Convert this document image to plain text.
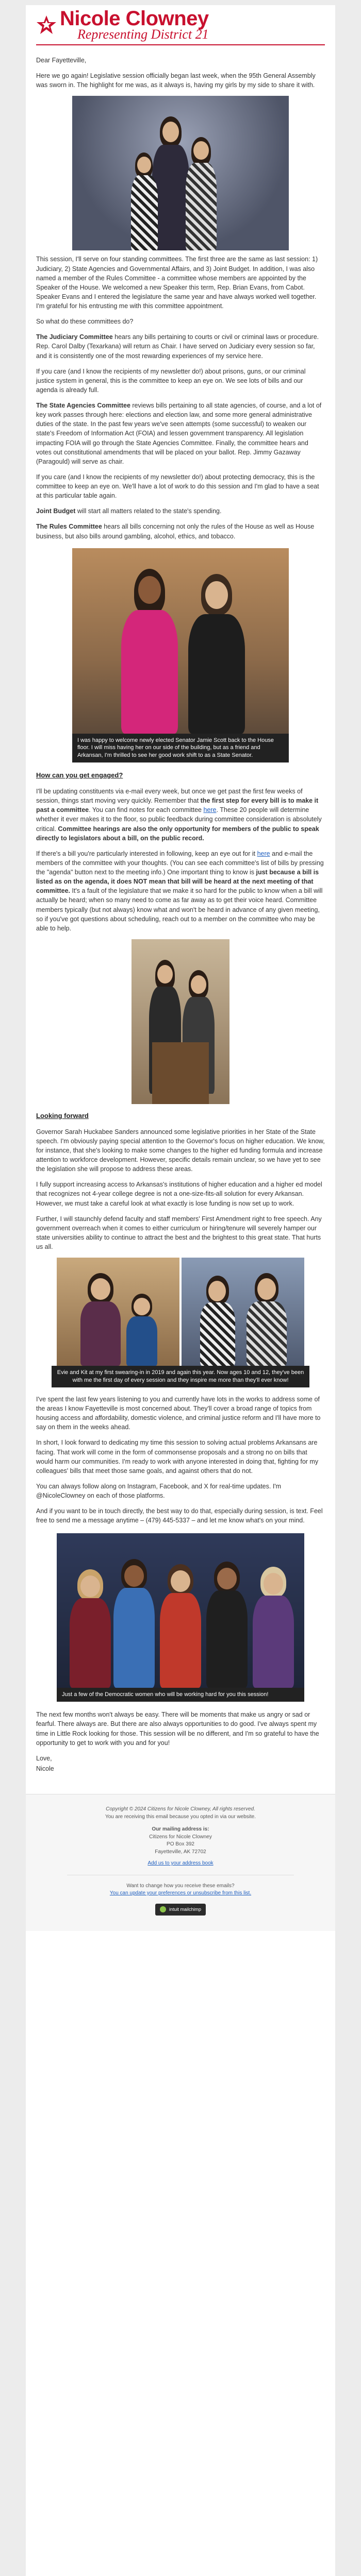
Nicole Clowney
Representing District 21

Dear Fayetteville,

Here we go again! Legislative session officially began last week, when the 95th General Assembly was sworn in. The highlight for me was, as it always is, having my girls by my side to share it with.

This session, I'll serve on four standing committees. The first three are the same as last session: 1) Judiciary, 2) State Agencies and Governmental Affairs, and 3) Joint Budget. In addition, I was also named a member of the Rules Committee - a committee whose members are appointed by the Speaker of the House. We welcomed a new Speaker this term, Rep. Brian Evans, from Cabot. Speaker Evans and I entered the legislature the same year and have always worked well together. I'm grateful for his entrusting me with this committee appointment.

So what do these committees do?

The Judiciary Committee hears any bills pertaining to courts or civil or criminal laws or procedure. Rep. Carol Dalby (Texarkana) will return as Chair. I have served on Judiciary every session so far, and it is consistently one of the most rewarding experiences of my service here.

If you care (and I know the recipients of my newsletter do!) about prisons, guns, or our criminal justice system in general, this is the committee to keep an eye on. We see lots of bills and our agenda is already full.

The State Agencies Committee reviews bills pertaining to all state agencies, of course, and a lot of key work passes through here: elections and election law, and some more general administrative duties of the state. In the past few years we've seen attempts (some successful) to weaken our state's Freedom of Information Act (FOIA) and lessen government transparency. All legislation impacting FOIA will go through the State Agencies Committee. Finally, the committee hears and votes out constitutional amendments that will be placed on your ballot. Rep. Jimmy Gazaway (Paragould) will serve as chair.

If you care (and I know the recipients of my newsletter do!) about protecting democracy, this is the committee to keep an eye on. We'll have a lot of work to do this session and I'm glad to have a seat at this particular table again.

Joint Budget will start all matters related to the state's spending.

The Rules Committee hears all bills concerning not only the rules of the House as well as House business, but also bills around gambling, alcohol, ethics, and tobacco.

I was happy to welcome newly elected Senator Jamie Scott back to the House floor. I will miss having her on our side of the building, but as a friend and Arkansan, I'm thrilled to see her good work shift to as a State Senator.

How can you get engaged?

I'll be updating constituents via e-mail every week, but once we get past the first few weeks of session, things start moving very quickly. Remember that the first step for every bill is to make it past a committee. You can find notes for each committee here. These 20 people will determine whether it ever makes it to the floor, so public feedback during committee consideration is absolutely critical. Committee hearings are also the only opportunity for members of the public to speak directly to legislators about a bill, on the public record.

If there's a bill you're particularly interested in following, keep an eye out for it here and e-mail the members of the committee with your thoughts. (You can see each committee's list of bills by pressing the "agenda" button next to the meeting info.) One important thing to know is just because a bill is listed as on the agenda, it does NOT mean that bill will be heard at the next meeting of that committee. It's a fault of the legislature that we make it so hard for the public to know when a bill will actually be heard; when so many need to come as far away as to get their voice heard. Committee members typically (but not always) know what and won't be heard in advance of any given meeting, so if you've got questions about scheduling, reach out to a member on the committee who may be able to help.

Looking forward

Governor Sarah Huckabee Sanders announced some legislative priorities in her State of the State speech. I'm obviously paying special attention to the Governor's focus on higher education. We know, for instance, that she's looking to make some changes to the higher ed funding formula and increase attention to workforce development. However, specific details remain unclear, so we have yet to see the legislation she will propose to address these areas.

I fully support increasing access to Arkansas's institutions of higher education and a higher ed model that recognizes not 4-year college degree is not a one-size-fits-all solution for every Arkansan. However, we must take a careful look at what exactly is lose funding is now set up to work.

Further, I will staunchly defend faculty and staff members' First Amendment right to free speech. Any government overreach when it comes to either curriculum or hiring/tenure will severely hamper our state universities ability to continue to attract the best and the brightest to this great state. That hurts us all.

Evie and Kit at my first swearing-in in 2019 and again this year. Now ages 10 and 12, they've been with me the first day of every session and they inspire me more than they'll ever know!

I've spent the last few years listening to you and currently have lots in the works to address some of the areas I know Fayetteville is most concerned about. They'll cover a broad range of topics from housing access and affordability, domestic violence, and criminal justice reform and I'll have more to say on them in the weeks ahead.

In short, I look forward to dedicating my time this session to solving actual problems Arkansans are facing. That work will come in the form of commonsense proposals and a strong no on bills that would harm our communities. I'm ready to work with anyone interested in doing that, fighting for my colleagues' bills that meet those same goals, and against others that do not.

You can always follow along on Instagram, Facebook, and X for real-time updates. I'm @NicoleClowney on each of those platforms.

And if you want to be in touch directly, the best way to do that, especially during session, is text. Feel free to send me a message anytime – (479) 445-5337 – and let me know what's on your mind.

Just a few of the Democratic women who will be working hard for you this session!

The next few months won't always be easy. There will be moments that make us angry or sad or fearful. There always are. But there are also always opportunities to do good. I've always spent my time in Little Rock looking for those. This session will be no different, and I'm so grateful to have the opportunity to get to work with you and for you!

Love,

Nicole

Copyright © 2024 Citizens for Nicole Clowney, All rights reserved.
You are receiving this email because you opted in via our website.
Our mailing address is:
Citizens for Nicole Clowney
PO Box 392
Fayetteville, AK 72702
Add us to your address book
Want to change how you receive these emails?
You can update your preferences or unsubscribe from this list.
intuit mailchimp
